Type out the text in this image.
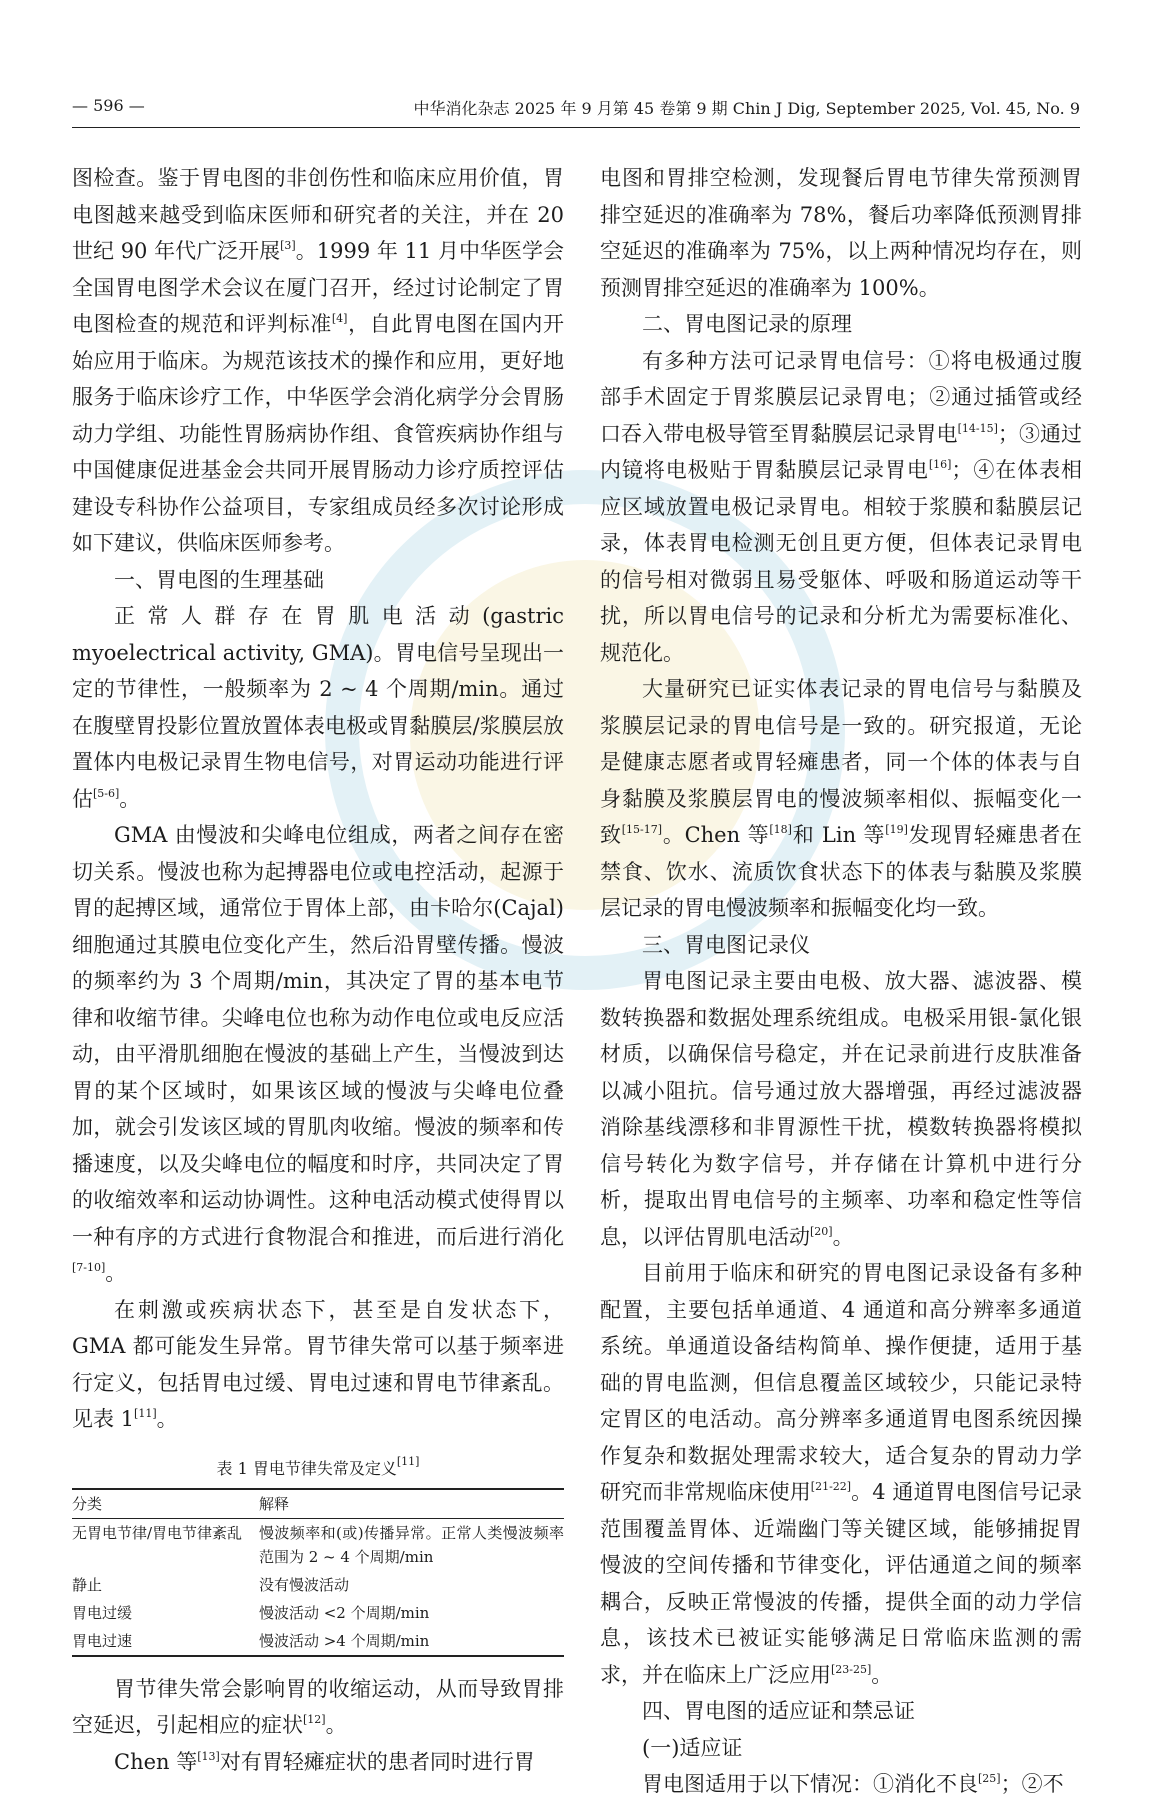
— 596 —	中华消化杂志 2025 年 9 月第 45 卷第 9 期 Chin J Dig, September 2025, Vol. 45, No. 9

图检查。鉴于胃电图的非创伤性和临床应用价值，胃电图越来越受到临床医师和研究者的关注，并在 20 世纪 90 年代广泛开展[3]。1999 年 11 月中华医学会全国胃电图学术会议在厦门召开，经过讨论制定了胃电图检查的规范和评判标准[4]，自此胃电图在国内开始应用于临床。为规范该技术的操作和应用，更好地服务于临床诊疗工作，中华医学会消化病学分会胃肠动力学组、功能性胃肠病协作组、食管疾病协作组与中国健康促进基金会共同开展胃肠动力诊疗质控评估建设专科协作公益项目，专家组成员经多次讨论形成如下建议，供临床医师参考。

一、胃电图的生理基础

正常人群存在胃肌电活动(gastric myoelectrical activity, GMA)。胃电信号呈现出一定的节律性，一般频率为 2 ~ 4 个周期/min。通过在腹壁胃投影位置放置体表电极或胃黏膜层/浆膜层放置体内电极记录胃生物电信号，对胃运动功能进行评估[5-6]。

GMA 由慢波和尖峰电位组成，两者之间存在密切关系。慢波也称为起搏器电位或电控活动，起源于胃的起搏区域，通常位于胃体上部，由卡哈尔(Cajal)细胞通过其膜电位变化产生，然后沿胃壁传播。慢波的频率约为 3 个周期/min，其决定了胃的基本电节律和收缩节律。尖峰电位也称为动作电位或电反应活动，由平滑肌细胞在慢波的基础上产生，当慢波到达胃的某个区域时，如果该区域的慢波与尖峰电位叠加，就会引发该区域的胃肌肉收缩。慢波的频率和传播速度，以及尖峰电位的幅度和时序，共同决定了胃的收缩效率和运动协调性。这种电活动模式使得胃以一种有序的方式进行食物混合和推进，而后进行消化[7-10]。

在刺激或疾病状态下，甚至是自发状态下，GMA 都可能发生异常。胃节律失常可以基于频率进行定义，包括胃电过缓、胃电过速和胃电节律紊乱。见表 1[11]。

表 1 胃电节律失常及定义[11]
分类	解释
无胃电节律/胃电节律紊乱	慢波频率和(或)传播异常。正常人类慢波频率范围为 2 ~ 4 个周期/min
静止	没有慢波活动
胃电过缓	慢波活动 <2 个周期/min
胃电过速	慢波活动 >4 个周期/min

胃节律失常会影响胃的收缩运动，从而导致胃排空延迟，引起相应的症状[12]。

Chen 等[13]对有胃轻瘫症状的患者同时进行胃

电图和胃排空检测，发现餐后胃电节律失常预测胃排空延迟的准确率为 78%，餐后功率降低预测胃排空延迟的准确率为 75%，以上两种情况均存在，则预测胃排空延迟的准确率为 100%。

二、胃电图记录的原理

有多种方法可记录胃电信号：①将电极通过腹部手术固定于胃浆膜层记录胃电；②通过插管或经口吞入带电极导管至胃黏膜层记录胃电[14-15]；③通过内镜将电极贴于胃黏膜层记录胃电[16]；④在体表相应区域放置电极记录胃电。相较于浆膜和黏膜层记录，体表胃电检测无创且更方便，但体表记录胃电的信号相对微弱且易受躯体、呼吸和肠道运动等干扰，所以胃电信号的记录和分析尤为需要标准化、规范化。

大量研究已证实体表记录的胃电信号与黏膜及浆膜层记录的胃电信号是一致的。研究报道，无论是健康志愿者或胃轻瘫患者，同一个体的体表与自身黏膜及浆膜层胃电的慢波频率相似、振幅变化一致[15-17]。Chen 等[18]和 Lin 等[19]发现胃轻瘫患者在禁食、饮水、流质饮食状态下的体表与黏膜及浆膜层记录的胃电慢波频率和振幅变化均一致。

三、胃电图记录仪

胃电图记录主要由电极、放大器、滤波器、模数转换器和数据处理系统组成。电极采用银-氯化银材质，以确保信号稳定，并在记录前进行皮肤准备以减小阻抗。信号通过放大器增强，再经过滤波器消除基线漂移和非胃源性干扰，模数转换器将模拟信号转化为数字信号，并存储在计算机中进行分析，提取出胃电信号的主频率、功率和稳定性等信息，以评估胃肌电活动[20]。

目前用于临床和研究的胃电图记录设备有多种配置，主要包括单通道、4 通道和高分辨率多通道系统。单通道设备结构简单、操作便捷，适用于基础的胃电监测，但信息覆盖区域较少，只能记录特定胃区的电活动。高分辨率多通道胃电图系统因操作复杂和数据处理需求较大，适合复杂的胃动力学研究而非常规临床使用[21-22]。4 通道胃电图信号记录范围覆盖胃体、近端幽门等关键区域，能够捕捉胃慢波的空间传播和节律变化，评估通道之间的频率耦合，反映正常慢波的传播，提供全面的动力学信息，该技术已被证实能够满足日常临床监测的需求，并在临床上广泛应用[23-25]。

四、胃电图的适应证和禁忌证
(一)适应证

胃电图适用于以下情况：①消化不良[25]；②不
